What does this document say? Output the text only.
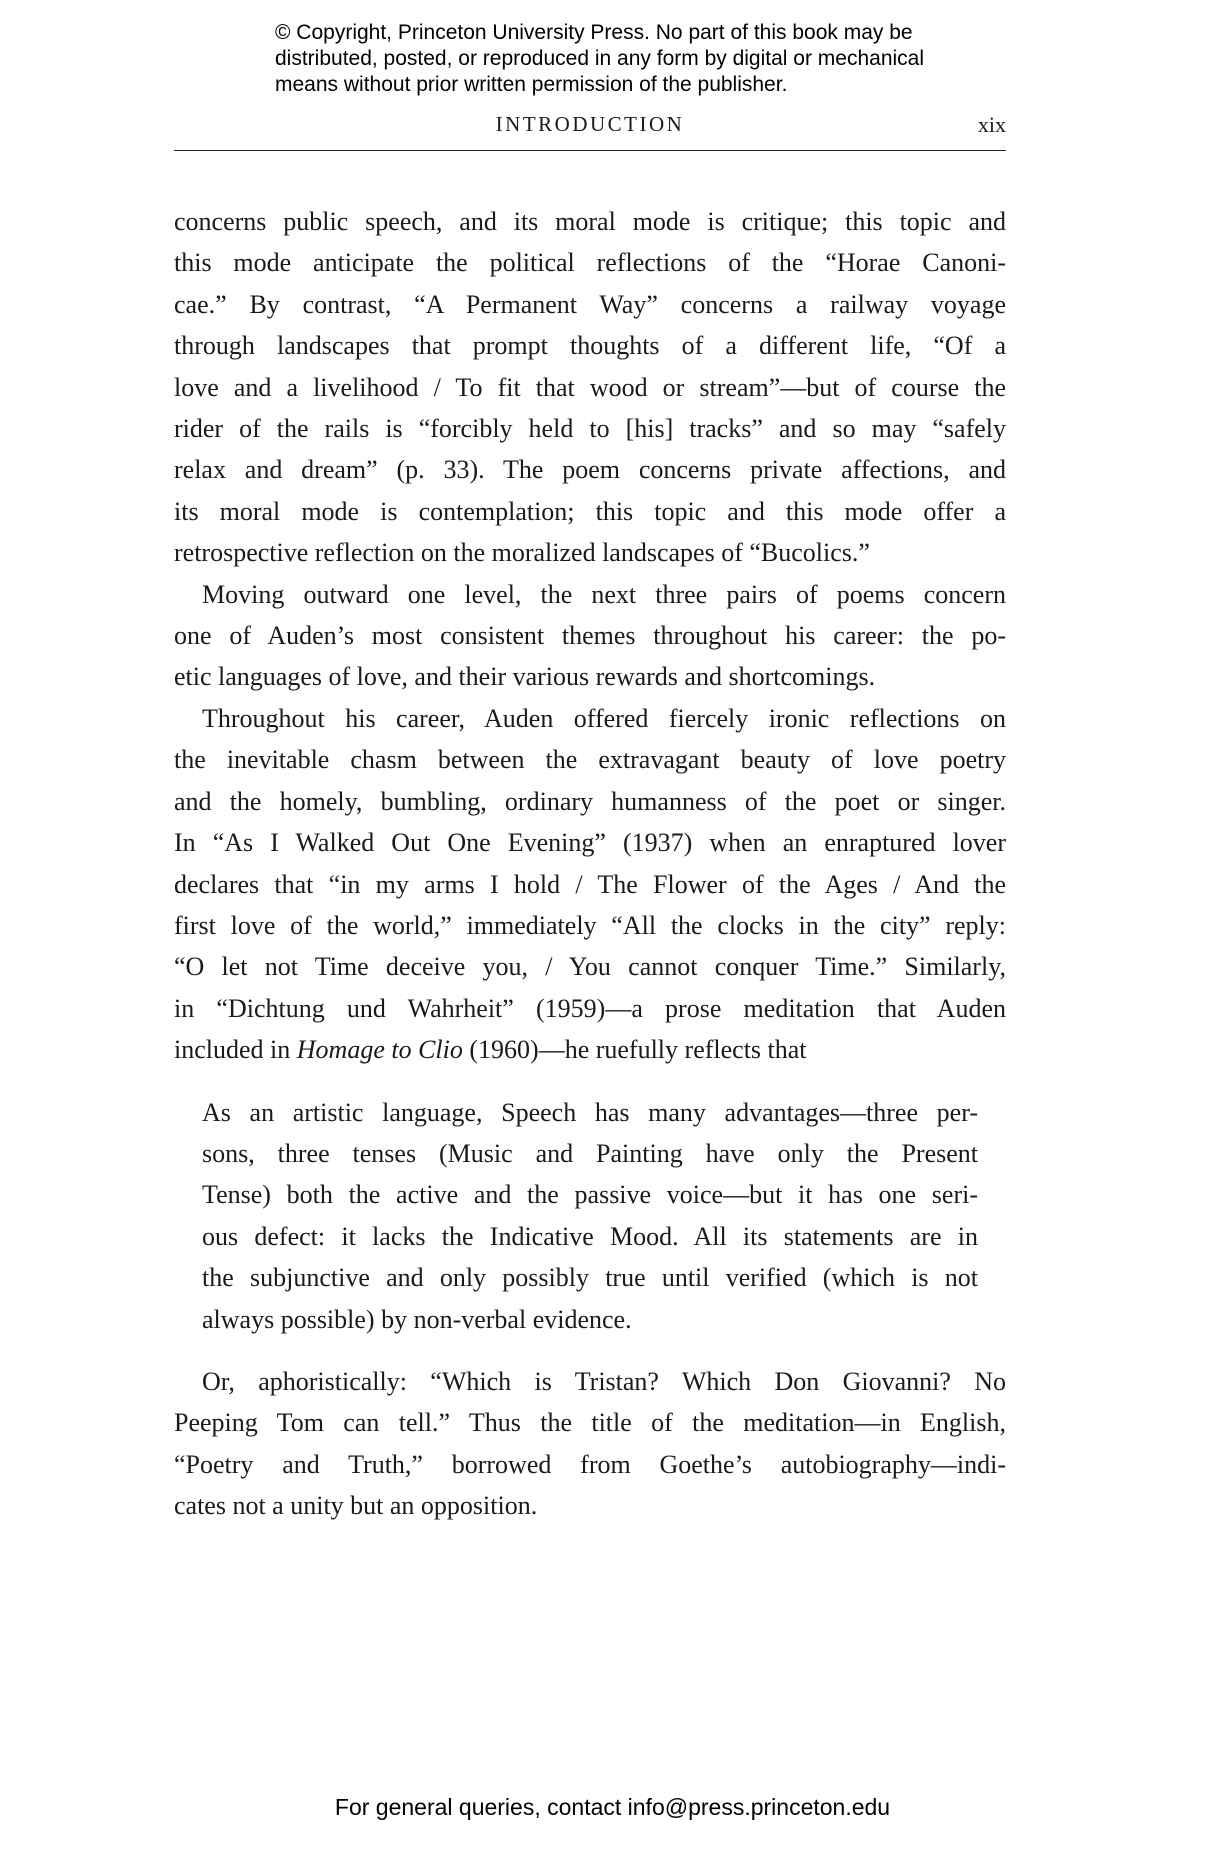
© Copyright, Princeton University Press. No part of this book may be
distributed, posted, or reproduced in any form by digital or mechanical
means without prior written permission of the publisher.
INTRODUCTION	xix
concerns public speech, and its moral mode is critique; this topic and
this mode anticipate the political reflections of the “Horae Canoni-
cae.” By contrast, “A Permanent Way” concerns a railway voyage
through landscapes that prompt thoughts of a different life, “Of a
love and a livelihood / To fit that wood or stream”—but of course the
rider of the rails is “forcibly held to [his] tracks” and so may “safely
relax and dream” (p. 33). The poem concerns private affections, and
its moral mode is contemplation; this topic and this mode offer a
retrospective reflection on the moralized landscapes of “Bucolics.”
Moving outward one level, the next three pairs of poems concern
one of Auden’s most consistent themes throughout his career: the po-
etic languages of love, and their various rewards and shortcomings.
Throughout his career, Auden offered fiercely ironic reflections on
the inevitable chasm between the extravagant beauty of love poetry
and the homely, bumbling, ordinary humanness of the poet or singer.
In “As I Walked Out One Evening” (1937) when an enraptured lover
declares that “in my arms I hold / The Flower of the Ages / And the
first love of the world,” immediately “All the clocks in the city” reply:
“O let not Time deceive you, / You cannot conquer Time.” Similarly,
in “Dichtung und Wahrheit” (1959)—a prose meditation that Auden
included in Homage to Clio (1960)—he ruefully reflects that
As an artistic language, Speech has many advantages—three per-
sons, three tenses (Music and Painting have only the Present
Tense) both the active and the passive voice—but it has one seri-
ous defect: it lacks the Indicative Mood. All its statements are in
the subjunctive and only possibly true until verified (which is not
always possible) by non-verbal evidence.
Or, aphoristically: “Which is Tristan? Which Don Giovanni? No
Peeping Tom can tell.” Thus the title of the meditation—in English,
“Poetry and Truth,” borrowed from Goethe’s autobiography—indi-
cates not a unity but an opposition.
For general queries, contact info@press.princeton.edu
